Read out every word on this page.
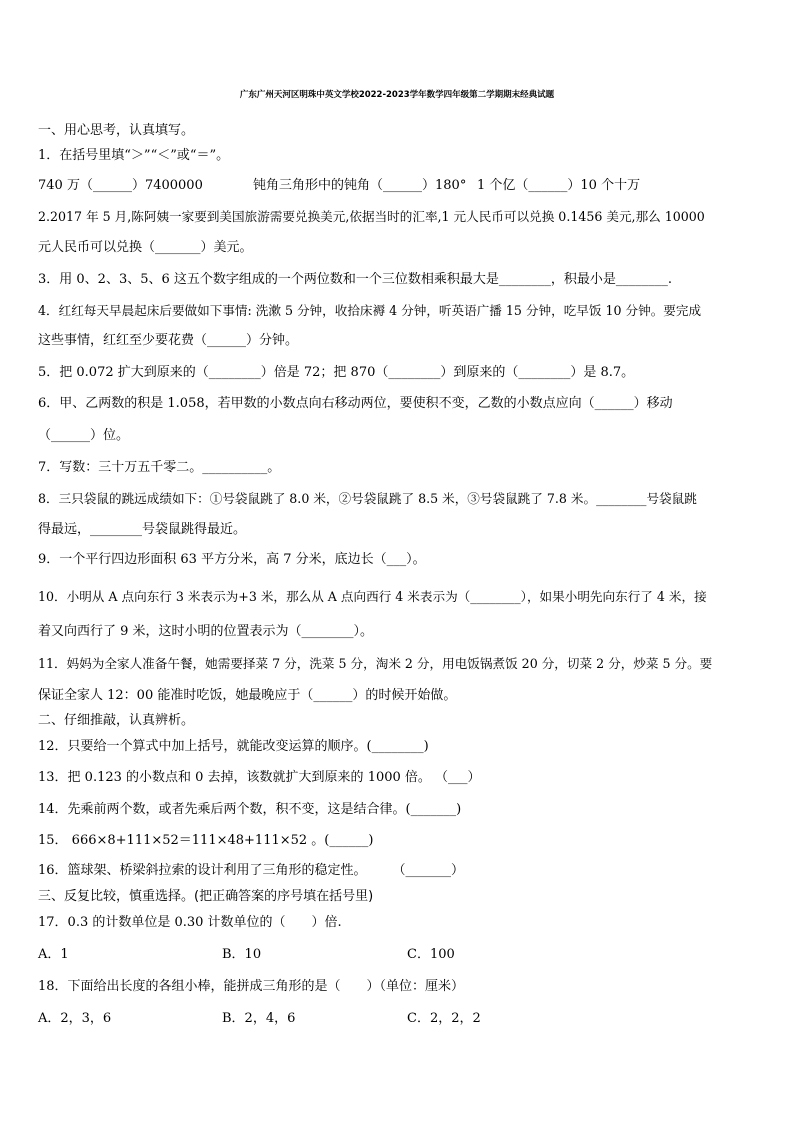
广东广州天河区明珠中英文学校2022-2023学年数学四年级第二学期期末经典试题
一、用心思考，认真填写。
1．在括号里填“＞”“＜”或“＝”。
740 万（______）7400000	钝角三角形中的钝角（______）180° 1 个亿（______）10 个十万
2.2017 年 5 月,陈阿姨一家要到美国旅游需要兑换美元,依据当时的汇率,1 元人民币可以兑换 0.1456 美元,那么 10000
元人民币可以兑换（_______）美元。
3．用 0、2、3、5、6 这五个数字组成的一个两位数和一个三位数相乘积最大是________，积最小是________.
4．红红每天早晨起床后要做如下事情: 洗漱 5 分钟，收拾床褥 4 分钟，听英语广播 15 分钟，吃早饭 10 分钟。要完成
这些事情，红红至少要花费（______）分钟。
5．把 0.072 扩大到原来的（________）倍是 72；把 870（________）到原来的（________）是 8.7。
6．甲、乙两数的积是 1.058，若甲数的小数点向右移动两位，要使积不变，乙数的小数点应向（______）移动
（______）位。
7．写数：三十万五千零二。__________。
8．三只袋鼠的跳远成绩如下：①号袋鼠跳了 8.0 米，②号袋鼠跳了 8.5 米，③号袋鼠跳了 7.8 米。________号袋鼠跳
得最远，________号袋鼠跳得最近。
9．一个平行四边形面积 63 平方分米，高 7 分米，底边长（___）。
10．小明从 A 点向东行 3 米表示为+3 米，那么从 A 点向西行 4 米表示为（________），如果小明先向东行了 4 米，接
着又向西行了 9 米，这时小明的位置表示为（________）。
11．妈妈为全家人准备午餐，她需要择菜 7 分，洗菜 5 分，淘米 2 分，用电饭锅煮饭 20 分，切菜 2 分，炒菜 5 分。要
保证全家人 12：00 能准时吃饭，她最晚应于（______）的时候开始做。
二、仔细推敲，认真辨析。
12．只要给一个算式中加上括号，就能改变运算的顺序。(________)
13．把 0.123 的小数点和 0 去掉，该数就扩大到原来的 1000 倍。 （___）
14．先乘前两个数，或者先乘后两个数，积不变，这是结合律。(_______)
15． 666×8+111×52＝111×48+111×52 。(______)
16．篮球架、桥梁斜拉索的设计利用了三角形的稳定性。　　　（_______）
三、反复比较，慎重选择。(把正确答案的序号填在括号里)
17．0.3 的计数单位是 0.30 计数单位的（　　）倍.
A．1	B．10	C．100
18．下面给出长度的各组小棒，能拼成三角形的是（　　）（单位：厘米）
A．2，3，6	B．2，4，6	C．2，2，2
